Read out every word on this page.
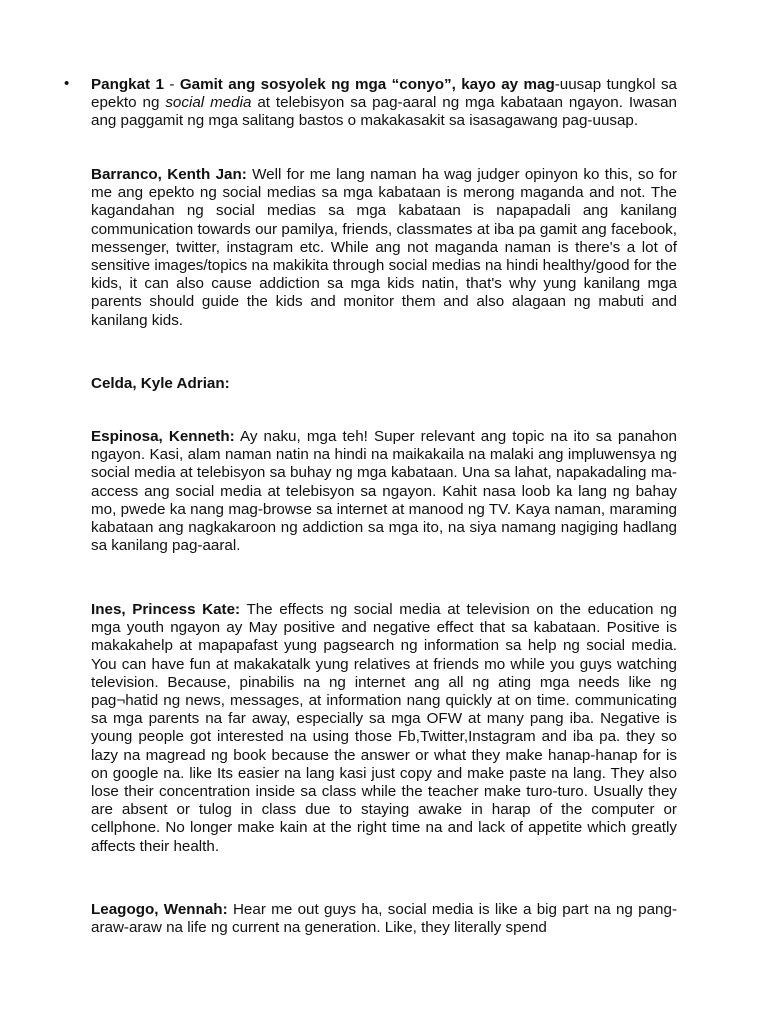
• Pangkat 1 - Gamit ang sosyolek ng mga “conyo”, kayo ay mag-uusap tungkol sa epekto ng social media at telebisyon sa pag-aaral ng mga kabataan ngayon. Iwasan ang paggamit ng mga salitang bastos o makakasakit sa isasagawang pag-uusap.
Barranco, Kenth Jan: Well for me lang naman ha wag judger opinyon ko this, so for me ang epekto ng social medias sa mga kabataan is merong maganda and not. The kagandahan ng social medias sa mga kabataan is napapadali ang kanilang communication towards our pamilya, friends, classmates at iba pa gamit ang facebook, messenger, twitter, instagram etc. While ang not maganda naman is there's a lot of sensitive images/topics na makikita through social medias na hindi healthy/good for the kids, it can also cause addiction sa mga kids natin, that's why yung kanilang mga parents should guide the kids and monitor them and also alagaan ng mabuti and kanilang kids.
Celda, Kyle Adrian:
Espinosa, Kenneth: Ay naku, mga teh! Super relevant ang topic na ito sa panahon ngayon. Kasi, alam naman natin na hindi na maikakaila na malaki ang impluwensya ng social media at telebisyon sa buhay ng mga kabataan. Una sa lahat, napakadaling ma-access ang social media at telebisyon sa ngayon. Kahit nasa loob ka lang ng bahay mo, pwede ka nang mag-browse sa internet at manood ng TV. Kaya naman, maraming kabataan ang nagkakaroon ng addiction sa mga ito, na siya namang nagiging hadlang sa kanilang pag-aaral.
Ines, Princess Kate: The effects ng social media at television on the education ng mga youth ngayon ay May positive and negative effect that sa kabataan. Positive is makakahelp at mapapafast yung pagsearch ng information sa help ng social media. You can have fun at makakatalk yung relatives at friends mo while you guys watching television. Because, pinabilis na ng internet ang all ng ating mga needs like ng pag¬hatid ng news, messages, at information nang quickly at on time. communicating sa mga parents na far away, especially sa mga OFW at many pang iba. Negative is young people got interested na using those Fb,Twitter,Instagram and iba pa. they so lazy na magread ng book because the answer or what they make hanap-hanap for is on google na. like Its easier na lang kasi just copy and make paste na lang. They also lose their concentration inside sa class while the teacher make turo-turo. Usually they are absent or tulog in class due to staying awake in harap of the computer or cellphone. No longer make kain at the right time na and lack of appetite which greatly affects their health.
Leagogo, Wennah: Hear me out guys ha, social media is like a big part na ng pang-araw-araw na life ng current na generation. Like, they literally spend
